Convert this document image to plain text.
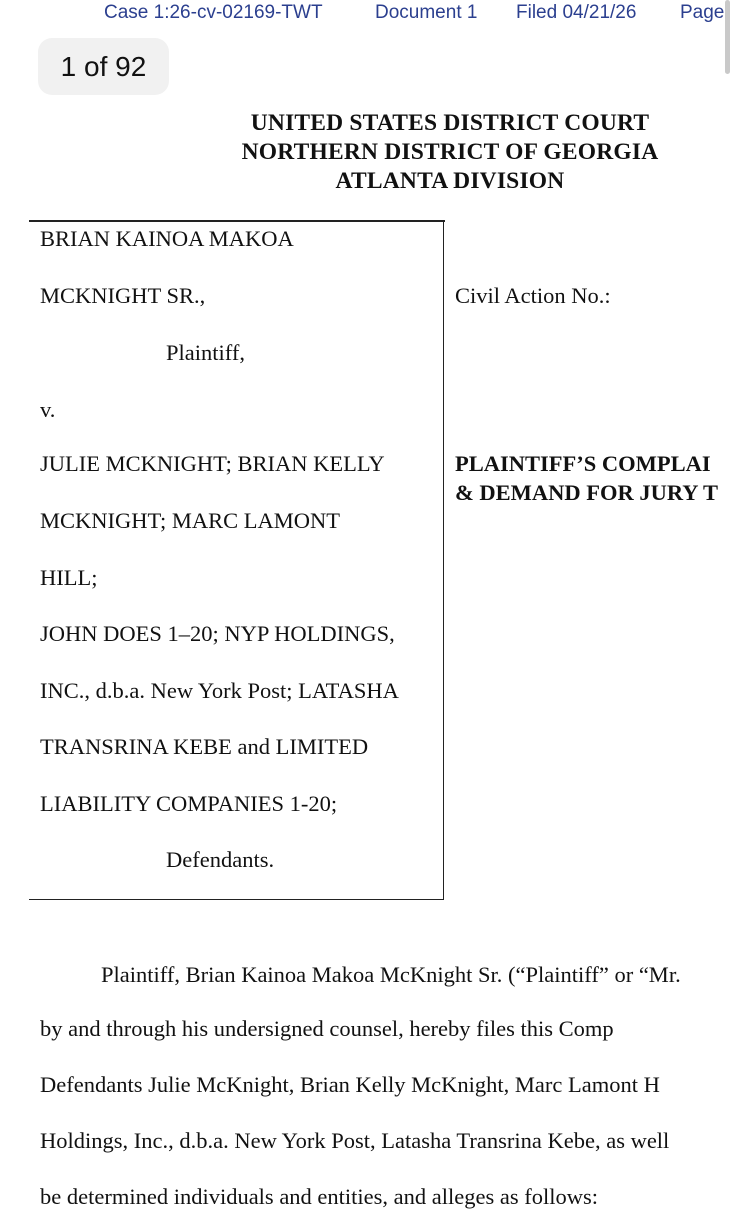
Case 1:26-cv-02169-TWT	Document 1 Filed 04/21/26 Page
1 of 92
UNITED STATES DISTRICT COURT
NORTHERN DISTRICT OF GEORGIA
ATLANTA DIVISION
BRIAN KAINOA MAKOA
MCKNIGHT SR.,
Plaintiff,
v.
JULIE MCKNIGHT; BRIAN KELLY
MCKNIGHT; MARC LAMONT
HILL;
JOHN DOES 1–20; NYP HOLDINGS,
INC., d.b.a. New York Post; LATASHA
TRANSRINA KEBE and LIMITED
LIABILITY COMPANIES 1-20;
Defendants.
Civil Action No.:
PLAINTIFF’S COMPLAI
& DEMAND FOR JURY T
Plaintiff, Brian Kainoa Makoa McKnight Sr. (“Plaintiff” or “Mr.
by and through his undersigned counsel, hereby files this Comp
Defendants Julie McKnight, Brian Kelly McKnight, Marc Lamont H
Holdings, Inc., d.b.a. New York Post, Latasha Transrina Kebe, as well
be determined individuals and entities, and alleges as follows:
